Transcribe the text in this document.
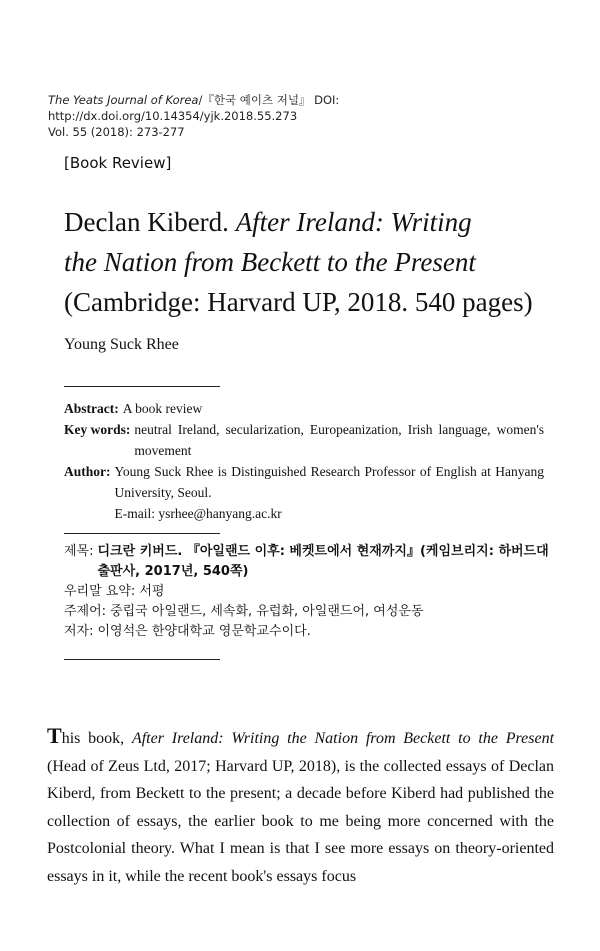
The Yeats Journal of Korea/『한국 예이츠 저널』 DOI: http://dx.doi.org/10.14354/yjk.2018.55.273
Vol. 55 (2018): 273-277
[Book Review]
Declan Kiberd. After Ireland: Writing
the Nation from Beckett to the Present
(Cambridge: Harvard UP, 2018. 540 pages)
Young Suck Rhee
Abstract: A book review
Key words: neutral Ireland, secularization, Europeanization, Irish language, women's movement
Author: Young Suck Rhee is Distinguished Research Professor of English at Hanyang University, Seoul.
E-mail: ysrhee@hanyang.ac.kr
제목: 디크란 키버드. 『아일랜드 이후: 베켓트에서 현재까지』(케임브리지: 하버드대 출판사, 2017년, 540쪽)
우리말 요약: 서평
주제어: 중립국 아일랜드, 세속화, 유럽화, 아일랜드어, 여성운동
저자: 이영석은 한양대학교 영문학교수이다.
This book, After Ireland: Writing the Nation from Beckett to the Present (Head of Zeus Ltd, 2017; Harvard UP, 2018), is the collected essays of Declan Kiberd, from Beckett to the present; a decade before Kiberd had published the collection of essays, the earlier book to me being more concerned with the Postcolonial theory. What I mean is that I see more essays on theory-oriented essays in it, while the recent book's essays focus
